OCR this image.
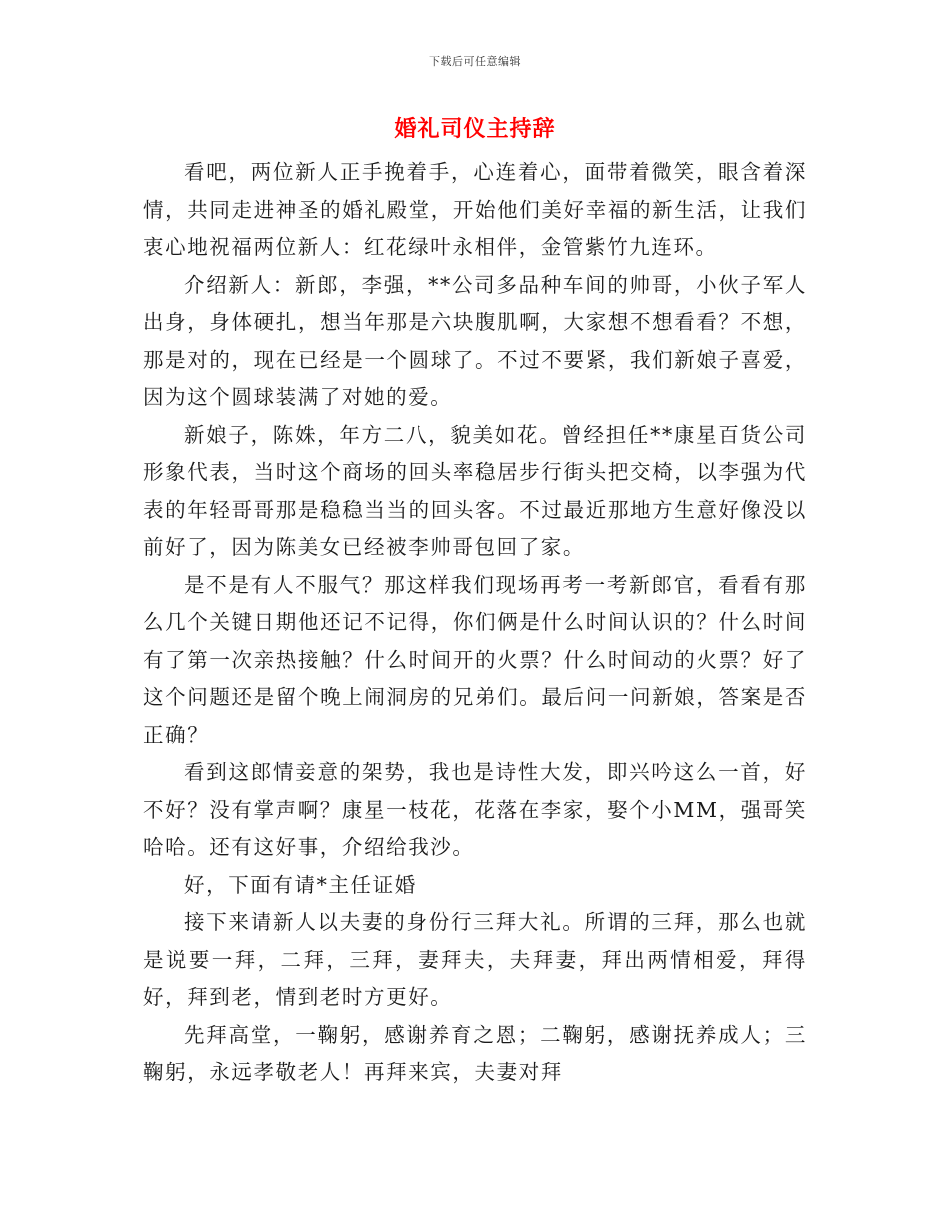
下载后可任意编辑
婚礼司仪主持辞

看吧，两位新人正手挽着手，心连着心，面带着微笑，眼含着深情，共同走进神圣的婚礼殿堂，开始他们美好幸福的新生活，让我们衷心地祝福两位新人：红花绿叶永相伴，金管紫竹九连环。

介绍新人：新郎，李强，**公司多品种车间的帅哥，小伙子军人出身，身体硬扎，想当年那是六块腹肌啊，大家想不想看看？不想，那是对的，现在已经是一个圆球了。不过不要紧，我们新娘子喜爱，因为这个圆球装满了对她的爱。

新娘子，陈姝，年方二八，貌美如花。曾经担任**康星百货公司形象代表，当时这个商场的回头率稳居步行街头把交椅，以李强为代表的年轻哥哥那是稳稳当当的回头客。不过最近那地方生意好像没以前好了，因为陈美女已经被李帅哥包回了家。

是不是有人不服气？那这样我们现场再考一考新郎官，看看有那么几个关键日期他还记不记得，你们俩是什么时间认识的？什么时间有了第一次亲热接触？什么时间开的火票？什么时间动的火票？好了这个问题还是留个晚上闹洞房的兄弟们。最后问一问新娘，答案是否正确？

看到这郎情妾意的架势，我也是诗性大发，即兴吟这么一首，好不好？没有掌声啊？康星一枝花，花落在李家，娶个小MM，强哥笑哈哈。还有这好事，介绍给我沙。

好，下面有请*主任证婚

接下来请新人以夫妻的身份行三拜大礼。所谓的三拜，那么也就是说要一拜，二拜，三拜，妻拜夫，夫拜妻，拜出两情相爱，拜得好，拜到老，情到老时方更好。

先拜高堂，一鞠躬，感谢养育之恩；二鞠躬，感谢抚养成人；三鞠躬，永远孝敬老人！再拜来宾，夫妻对拜
